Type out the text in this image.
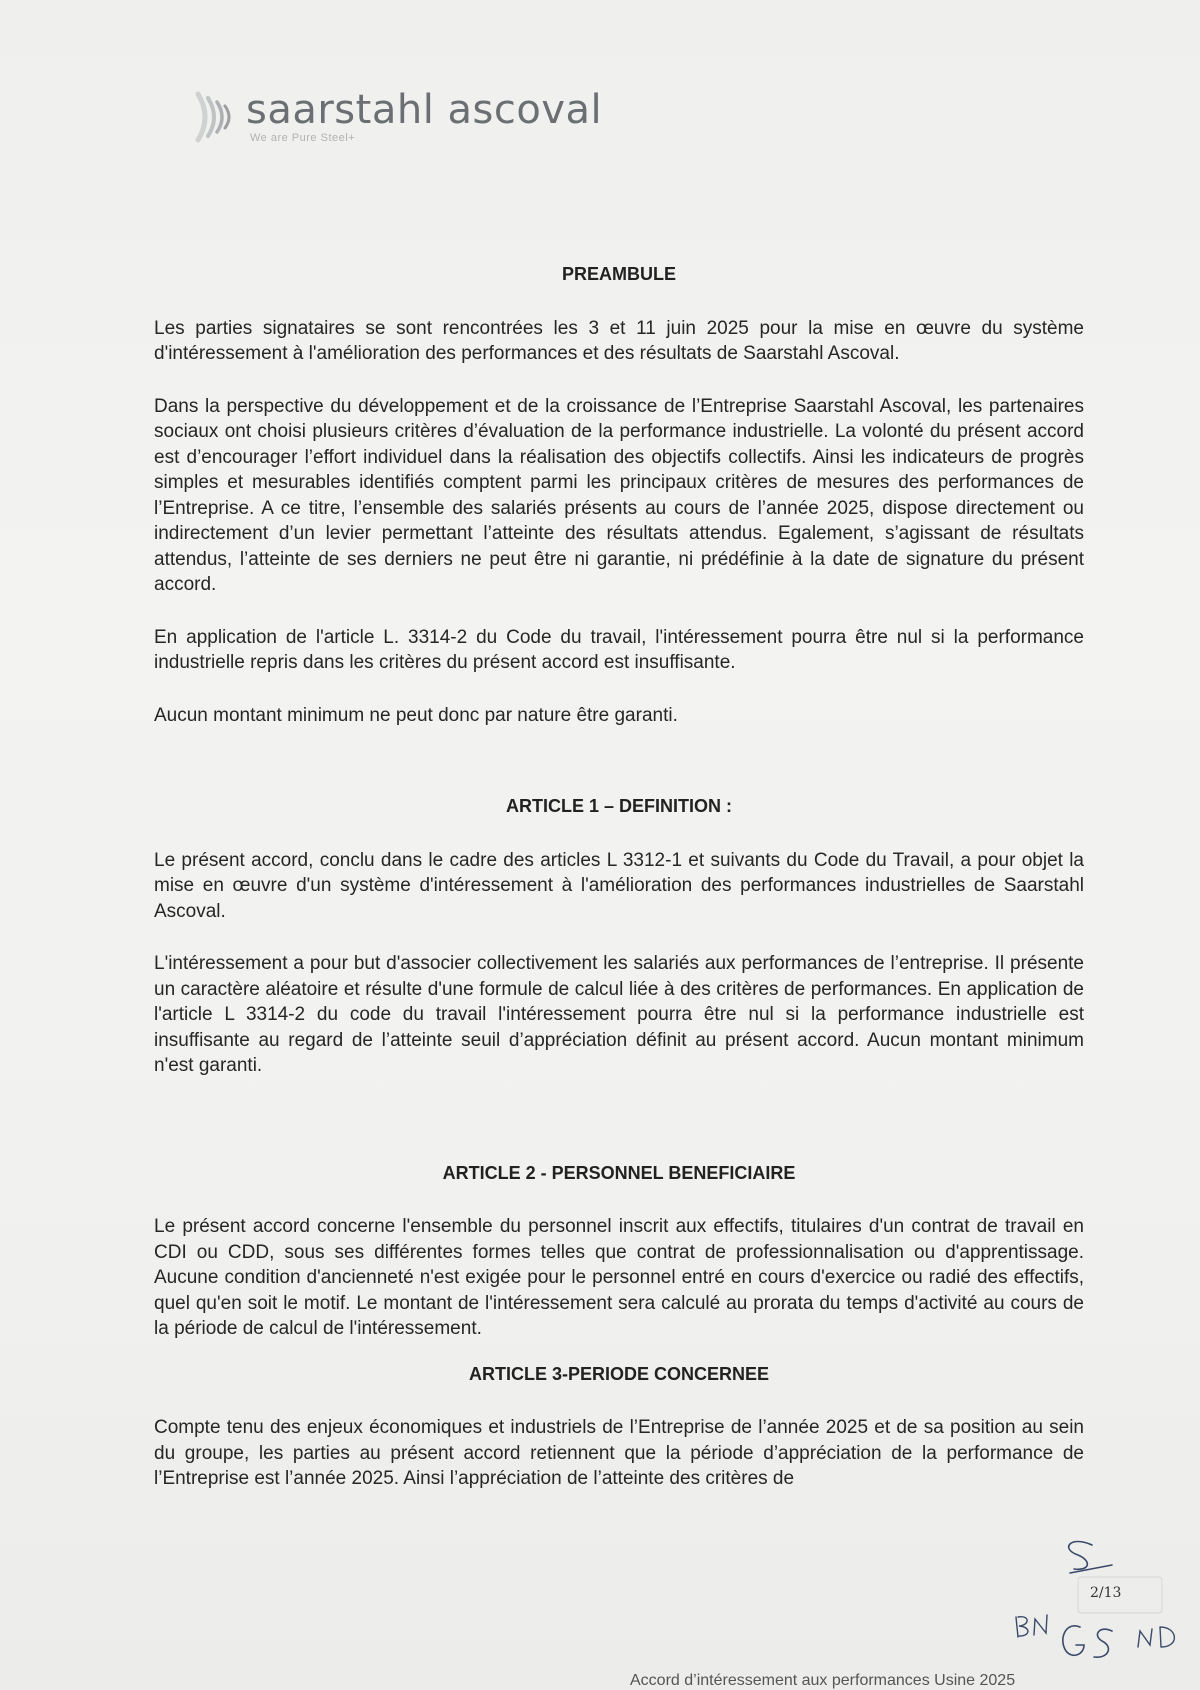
saarstahl ascoval
We are Pure Steel+
PREAMBULE

Les parties signataires se sont rencontrées les 3 et 11 juin 2025 pour la mise en œuvre du système d'intéressement à l'amélioration des performances et des résultats de Saarstahl Ascoval.

Dans la perspective du développement et de la croissance de l’Entreprise Saarstahl Ascoval, les partenaires sociaux ont choisi plusieurs critères d’évaluation de la performance industrielle. La volonté du présent accord est d’encourager l’effort individuel dans la réalisation des objectifs collectifs. Ainsi les indicateurs de progrès simples et mesurables identifiés comptent parmi les principaux critères de mesures des performances de l’Entreprise. A ce titre, l’ensemble des salariés présents au cours de l’année 2025, dispose directement ou indirectement d’un levier permettant l’atteinte des résultats attendus. Egalement, s’agissant de résultats attendus, l’atteinte de ses derniers ne peut être ni garantie, ni prédéfinie à la date de signature du présent accord.

En application de l'article L. 3314-2 du Code du travail, l'intéressement pourra être nul si la performance industrielle repris dans les critères du présent accord est insuffisante.

Aucun montant minimum ne peut donc par nature être garanti.

ARTICLE 1 – DEFINITION :

Le présent accord, conclu dans le cadre des articles L 3312-1 et suivants du Code du Travail, a pour objet la mise en œuvre d'un système d'intéressement à l'amélioration des performances industrielles de Saarstahl Ascoval.

L'intéressement a pour but d'associer collectivement les salariés aux performances de l’entreprise. Il présente un caractère aléatoire et résulte d'une formule de calcul liée à des critères de performances. En application de l'article L 3314-2 du code du travail l'intéressement pourra être nul si la performance industrielle est insuffisante au regard de l’atteinte seuil d’appréciation définit au présent accord. Aucun montant minimum n'est garanti.

ARTICLE 2 - PERSONNEL BENEFICIAIRE

Le présent accord concerne l'ensemble du personnel inscrit aux effectifs, titulaires d'un contrat de travail en CDI ou CDD, sous ses différentes formes telles que contrat de professionnalisation ou d'apprentissage. Aucune condition d'ancienneté n'est exigée pour le personnel entré en cours d'exercice ou radié des effectifs, quel qu'en soit le motif. Le montant de l'intéressement sera calculé au prorata du temps d'activité au cours de la période de calcul de l'intéressement.

ARTICLE 3-PERIODE CONCERNEE

Compte tenu des enjeux économiques et industriels de l’Entreprise de l’année 2025 et de sa position au sein du groupe, les parties au présent accord retiennent que la période d’appréciation de la performance de l’Entreprise est l’année 2025. Ainsi l’appréciation de l’atteinte des critères de

2/13
Accord d’intéressement aux performances Usine 2025
